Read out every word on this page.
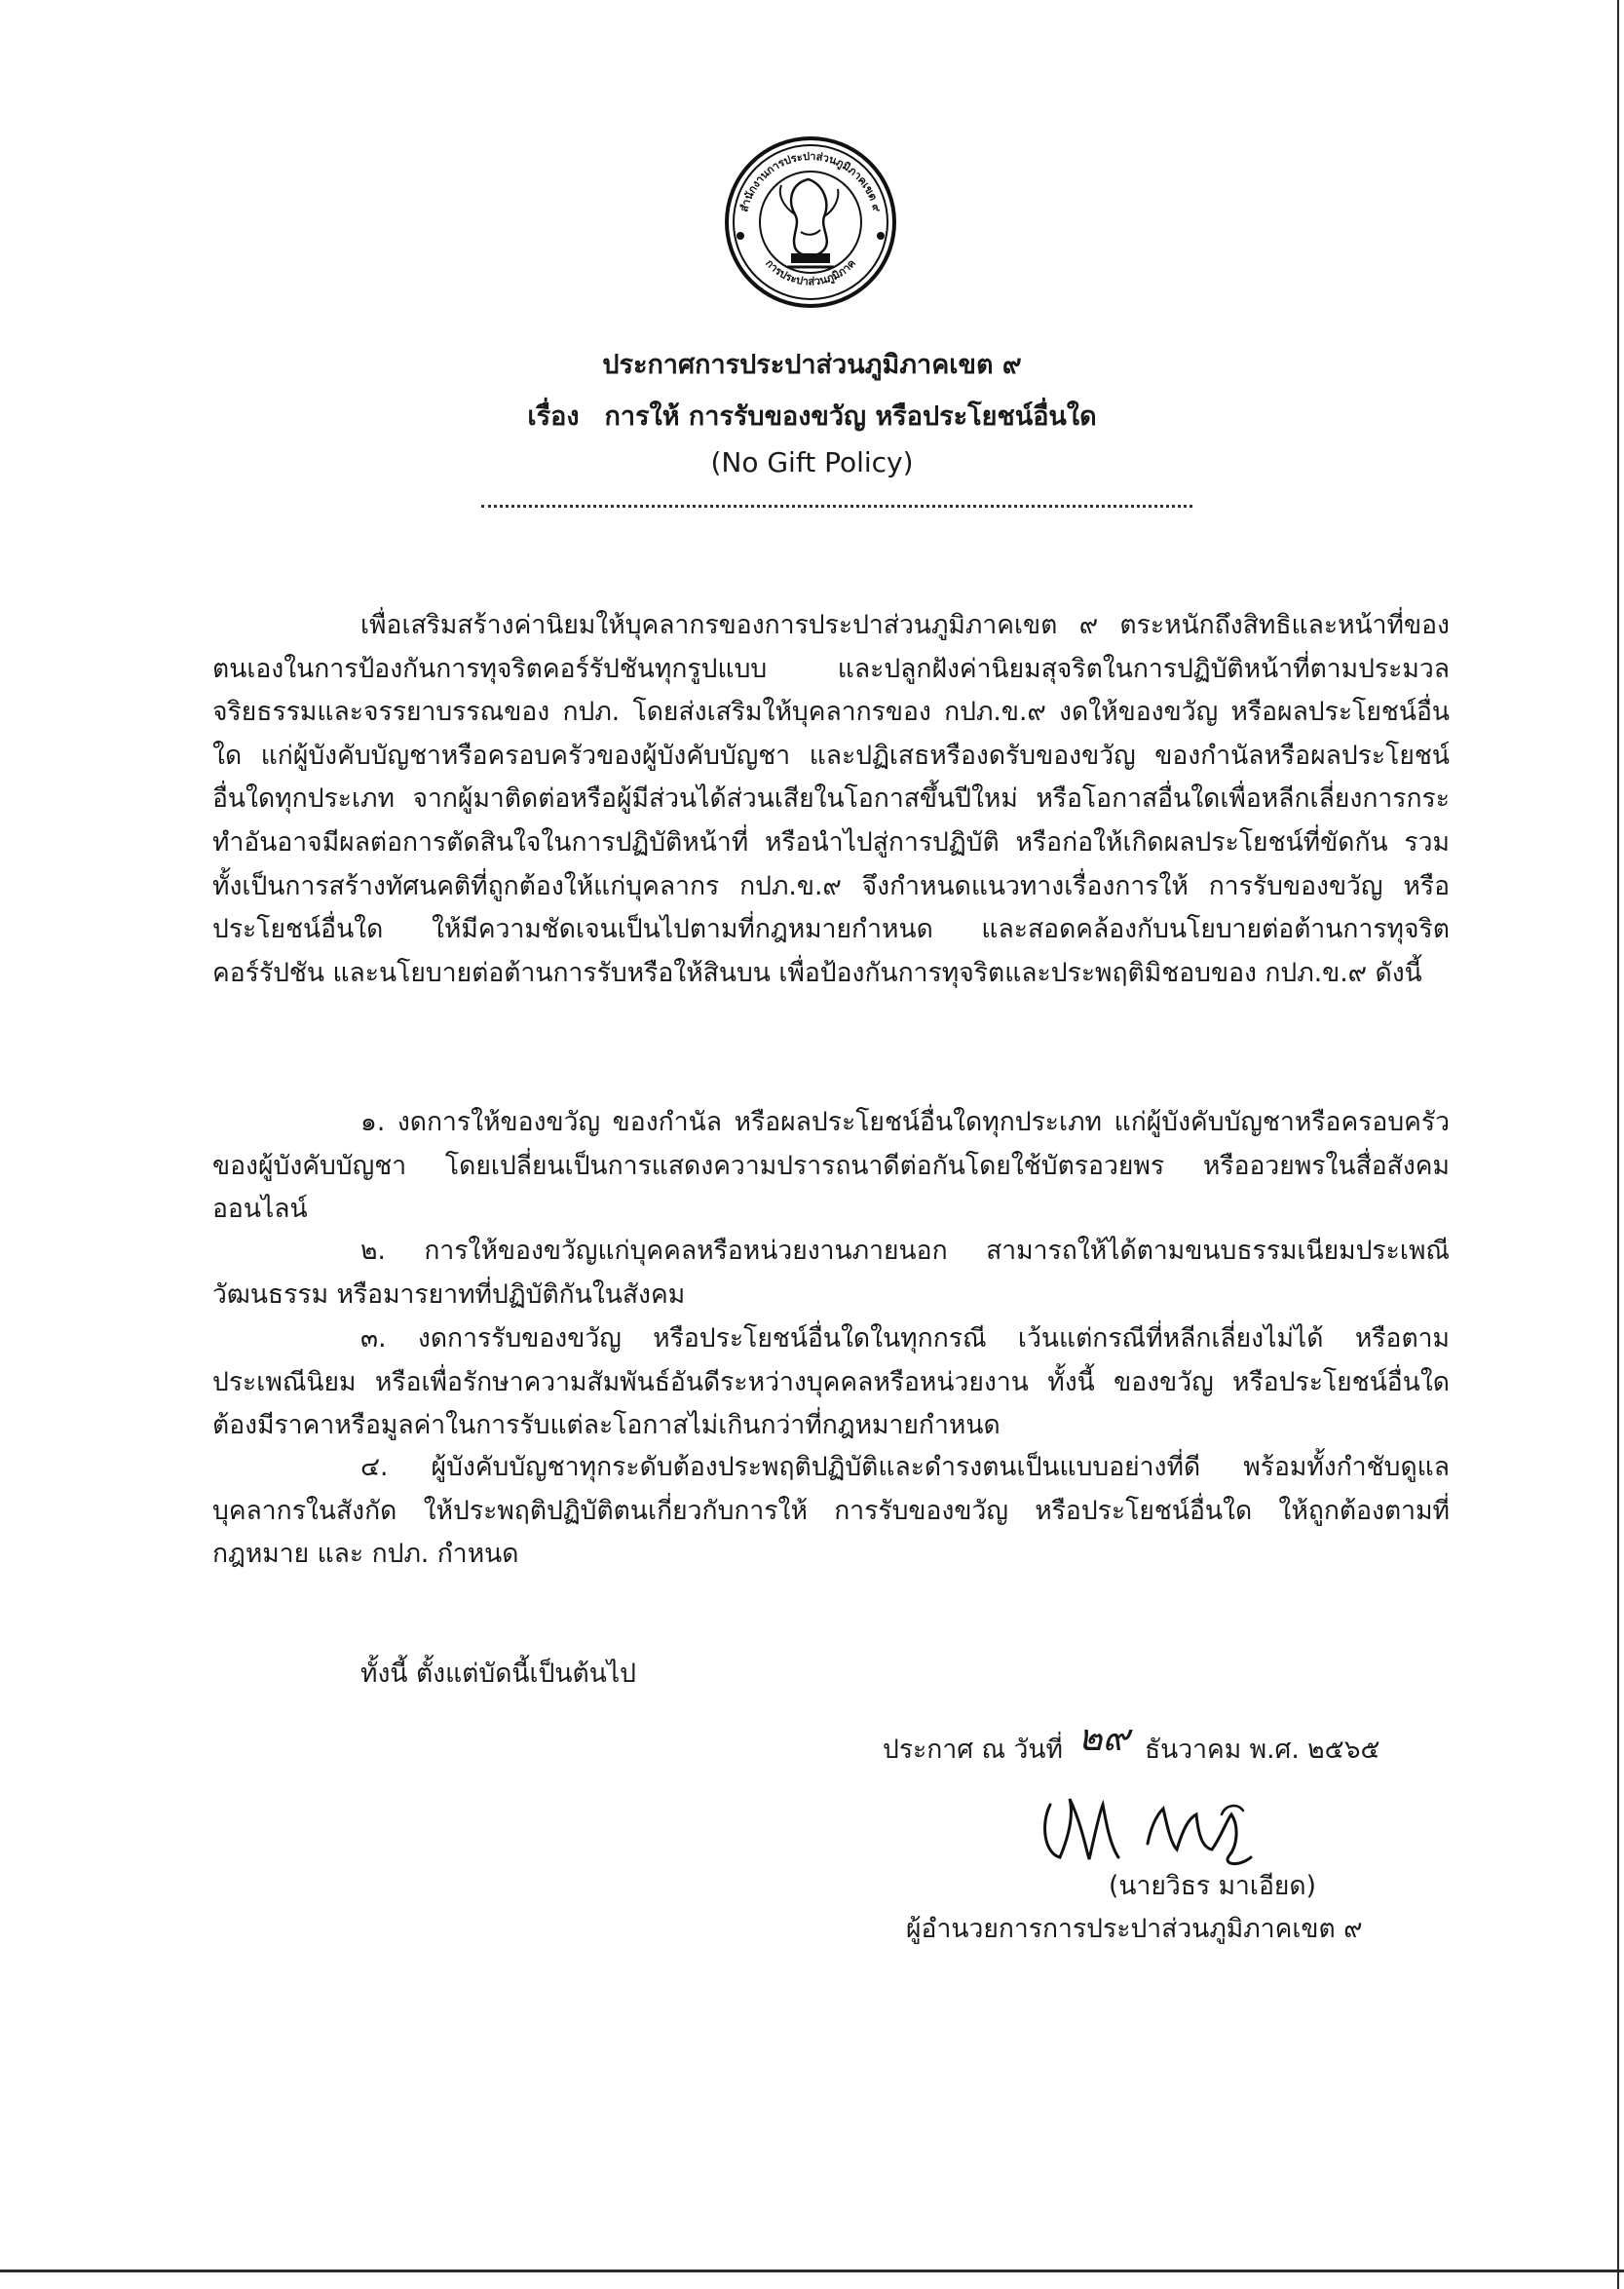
สำนักงานการประปาส่วนภูมิภาคเขต ๙
การประปาส่วนภูมิภาค
ประกาศการประปาส่วนภูมิภาคเขต ๙
เรื่อง การให้ การรับของขวัญ หรือประโยชน์อื่นใด
(No Gift Policy)

เพื่อเสริมสร้างค่านิยมให้บุคลากรของการประปาส่วนภูมิภาคเขต ๙ ตระหนักถึงสิทธิและหน้าที่ของตนเองในการป้องกันการทุจริตคอร์รัปชันทุกรูปแบบ และปลูกฝังค่านิยมสุจริตในการปฏิบัติหน้าที่ตามประมวลจริยธรรมและจรรยาบรรณของ กปภ. โดยส่งเสริมให้บุคลากรของ กปภ.ข.๙ งดให้ของขวัญ หรือผลประโยชน์อื่นใด แก่ผู้บังคับบัญชาหรือครอบครัวของผู้บังคับบัญชา และปฏิเสธหรืองดรับของขวัญ ของกำนัลหรือผลประโยชน์อื่นใดทุกประเภท จากผู้มาติดต่อหรือผู้มีส่วนได้ส่วนเสียในโอกาสขึ้นปีใหม่ หรือโอกาสอื่นใดเพื่อหลีกเลี่ยงการกระทำอันอาจมีผลต่อการตัดสินใจในการปฏิบัติหน้าที่ หรือนำไปสู่การปฏิบัติ หรือก่อให้เกิดผลประโยชน์ที่ขัดกัน รวมทั้งเป็นการสร้างทัศนคติที่ถูกต้องให้แก่บุคลากร กปภ.ข.๙ จึงกำหนดแนวทางเรื่องการให้ การรับของขวัญ หรือประโยชน์อื่นใด ให้มีความชัดเจนเป็นไปตามที่กฎหมายกำหนด และสอดคล้องกับนโยบายต่อต้านการทุจริตคอร์รัปชัน และนโยบายต่อต้านการรับหรือให้สินบน เพื่อป้องกันการทุจริตและประพฤติมิชอบของ กปภ.ข.๙ ดังนี้

๑. งดการให้ของขวัญ ของกำนัล หรือผลประโยชน์อื่นใดทุกประเภท แก่ผู้บังคับบัญชาหรือครอบครัวของผู้บังคับบัญชา โดยเปลี่ยนเป็นการแสดงความปรารถนาดีต่อกันโดยใช้บัตรอวยพร หรืออวยพรในสื่อสังคมออนไลน์

๒. การให้ของขวัญแก่บุคคลหรือหน่วยงานภายนอก สามารถให้ได้ตามขนบธรรมเนียมประเพณี วัฒนธรรม หรือมารยาทที่ปฏิบัติกันในสังคม

๓. งดการรับของขวัญ หรือประโยชน์อื่นใดในทุกกรณี เว้นแต่กรณีที่หลีกเลี่ยงไม่ได้ หรือตามประเพณีนิยม หรือเพื่อรักษาความสัมพันธ์อันดีระหว่างบุคคลหรือหน่วยงาน ทั้งนี้ ของขวัญ หรือประโยชน์อื่นใด ต้องมีราคาหรือมูลค่าในการรับแต่ละโอกาสไม่เกินกว่าที่กฎหมายกำหนด

๔. ผู้บังคับบัญชาทุกระดับต้องประพฤติปฏิบัติและดำรงตนเป็นแบบอย่างที่ดี พร้อมทั้งกำชับดูแลบุคลากรในสังกัด ให้ประพฤติปฏิบัติตนเกี่ยวกับการให้ การรับของขวัญ หรือประโยชน์อื่นใด ให้ถูกต้องตามที่กฎหมาย และ กปภ. กำหนด

ทั้งนี้ ตั้งแต่บัดนี้เป็นต้นไป
ประกาศ ณ วันที่ ๒๙ ธันวาคม พ.ศ. ๒๕๖๕
(นายวิธร มาเอียด)
ผู้อำนวยการการประปาส่วนภูมิภาคเขต ๙
